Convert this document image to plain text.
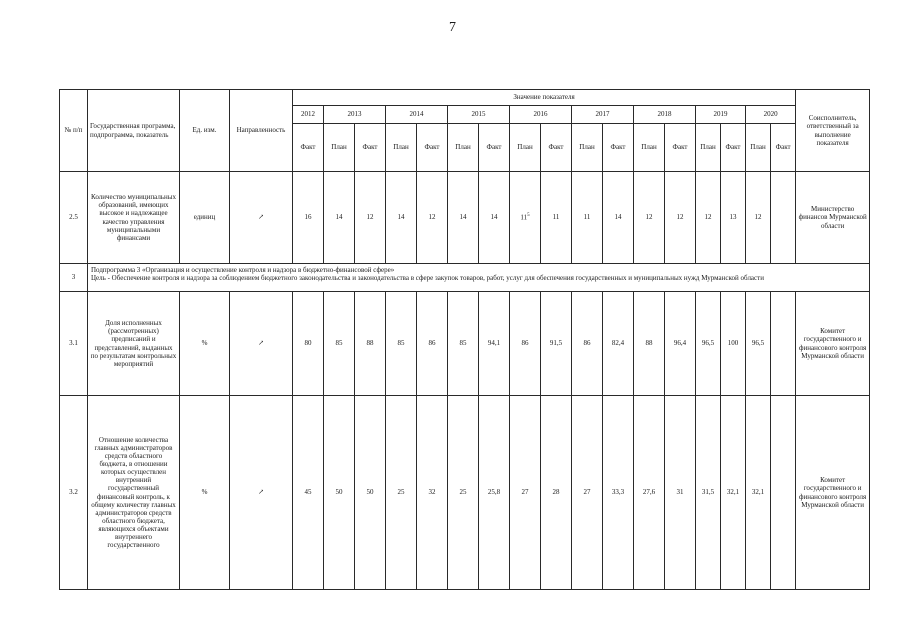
7
№ п/п	Государственная программа, подпрограмма, показатель	Ед. изм.	Направленность	Значение показателя																	Соисполнитель, ответственный за выполнение показателя
				2012	2013		2014		2015		2016		2017		2018		2019		2020		
				Факт	План	Факт	План	Факт	План	Факт	План	Факт	План	Факт	План	Факт	План	Факт	План	Факт	
2.5	Количество муниципальных образований, имеющих высокое и надлежащее качество управления муниципальными финансами	единиц	↗	16	14	12	14	12	14	14	$11^5$	11	11	14	12	12	12	13	12		Министерство финансов Мурманской области
3	Подпрограмма 3 «Организация и осуществление контроля и надзора в бюджетно-финансовой сфере»
Цель - Обеспечение контроля и надзора за соблюдением бюджетного законодательства и законодательства в сфере закупок товаров, работ, услуг для обеспечения государственных и муниципальных нужд Мурманской области																				

3.1	Доля исполненных (рассмотренных) предписаний и представлений, выданных по результатам контрольных мероприятий	%	↗	80	85	88	85	86	85	94,1	86	91,5	86	82,4	88	96,4	96,5	100	96,5		Комитет государственного и финансового контроля Мурманской области
3.2	Отношение количества главных администраторов средств областного бюджета, в отношении которых осуществлен внутренний государственный финансовый контроль, к общему количеству главных администраторов средств областного бюджета, являющихся объектами внутреннего государственного	%	↗	45	50	50	25	32	25	25,8	27	28	27	33,3	27,6	31	31,5	32,1	32,1		Комитет государственного и финансового контроля Мурманской области
